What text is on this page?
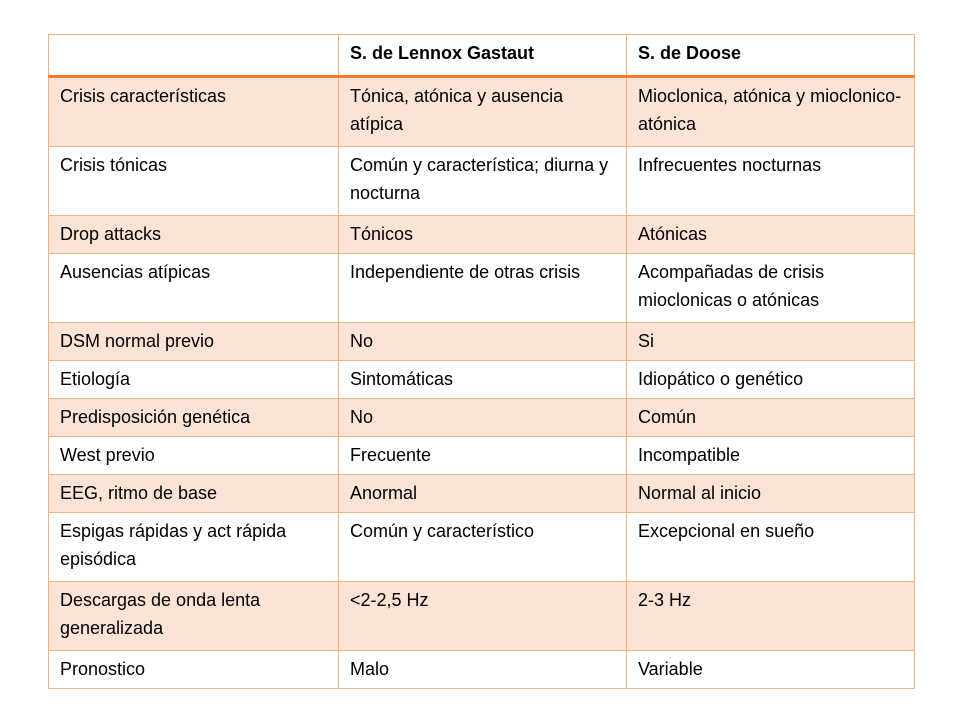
	S. de Lennox Gastaut	S. de Doose
Crisis características	Tónica, atónica y ausencia atípica	Mioclonica, atónica y mioclonico-atónica
Crisis tónicas	Común y característica; diurna y nocturna	Infrecuentes nocturnas
Drop attacks	Tónicos	Atónicas
Ausencias atípicas	Independiente de otras crisis	Acompañadas de crisis mioclonicas o atónicas
DSM normal previo	No	Si
Etiología	Sintomáticas	Idiopático o genético
Predisposición genética	No	Común
West previo	Frecuente	Incompatible
EEG, ritmo de base	Anormal	Normal al inicio
Espigas rápidas y act rápida episódica	Común y característico	Excepcional en sueño
Descargas de onda lenta generalizada	<2-2,5 Hz	2-3 Hz
Pronostico	Malo	Variable
